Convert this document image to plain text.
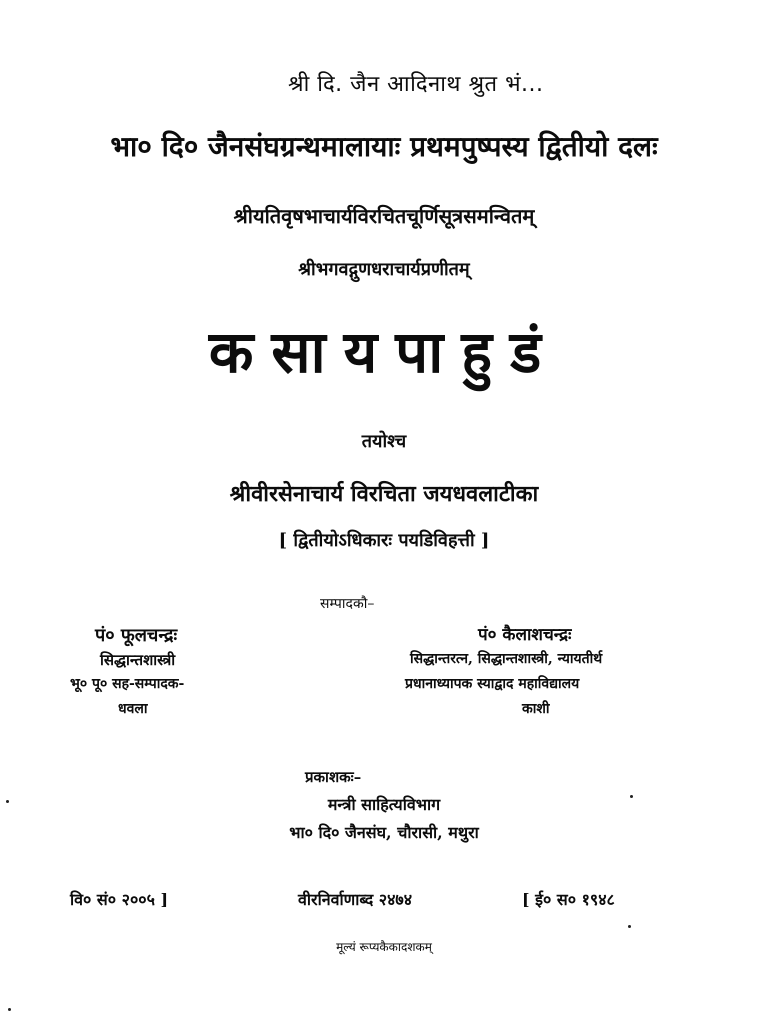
श्री दि. जैन आदिनाथ श्रुत भं...
भा० दि० जैनसंघग्रन्थमालायाः प्रथमपुष्पस्य द्वितीयो दलः
श्रीयतिवृषभाचार्यविरचितचूर्णिसूत्रसमन्वितम्
श्रीभगवद्गुणधराचार्यप्रणीतम्
कसायपाहुडं
तयोश्च
श्रीवीरसेनाचार्य विरचिता जयधवलाटीका
[ द्वितीयोऽधिकारः पयडिविहत्ती ]
सम्पादकौ–
पं० फूलचन्द्रः
सिद्धान्तशास्त्री
भू० पू० सह-सम्पादक-
धवला
पं० कैलाशचन्द्रः
सिद्धान्तरत्न, सिद्धान्तशास्त्री, न्यायतीर्थ
प्रधानाध्यापक स्याद्वाद महाविद्यालय
काशी
प्रकाशकः–
मन्त्री साहित्यविभाग
भा० दि० जैनसंघ, चौरासी, मथुरा
वि० सं० २००५ ]	वीरनिर्वाणाब्द २४७४	[ ई० स० १९४८
मूल्यं रूप्यकैकादशकम्
